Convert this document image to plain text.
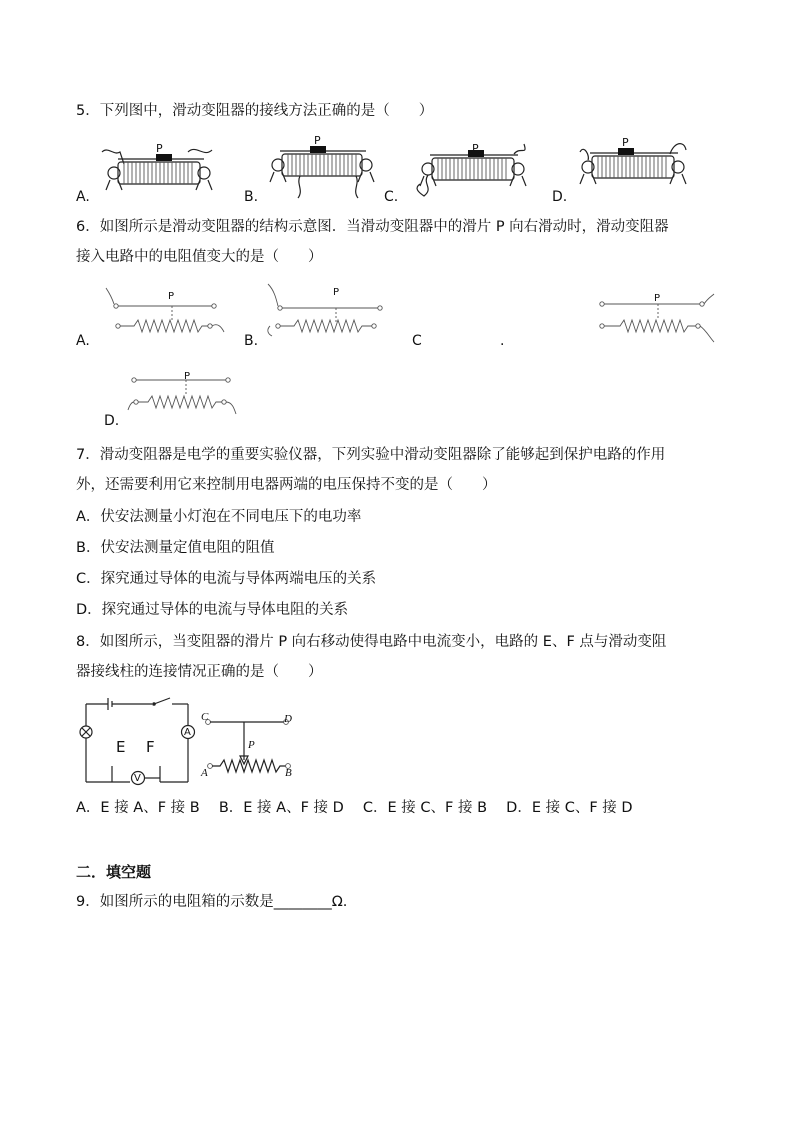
5．下列图中，滑动变阻器的接线方法正确的是（　　）
P
P
P	P
A.	B.	C.	D.
6．如图所示是滑动变阻器的结构示意图．当滑动变阻器中的滑片 P 向右滑动时，滑动变阻器
接入电路中的电阻值变大的是（　　）
P	P
P
A.	B.	C	.
P
D.
7．滑动变阻器是电学的重要实验仪器，下列实验中滑动变阻器除了能够起到保护电路的作用
外，还需要利用它来控制用电器两端的电压保持不变的是（　　）
A．伏安法测量小灯泡在不同电压下的电功率
B．伏安法测量定值电阻的阻值
C．探究通过导体的电流与导体两端电压的关系
D．探究通过导体的电流与导体电阻的关系
8．如图所示，当变阻器的滑片 P 向右移动使得电路中电流变小，电路的 E、F 点与滑动变阻
器接线柱的连接情况正确的是（　　）
A
V
E F
C	D
P
A	B
A．E 接 A、F 接 B　 B．E 接 A、F 接 D　 C．E 接 C、F 接 B　 D．E 接 C、F 接 D
二．填空题
9．如图所示的电阻箱的示数是________Ω.
